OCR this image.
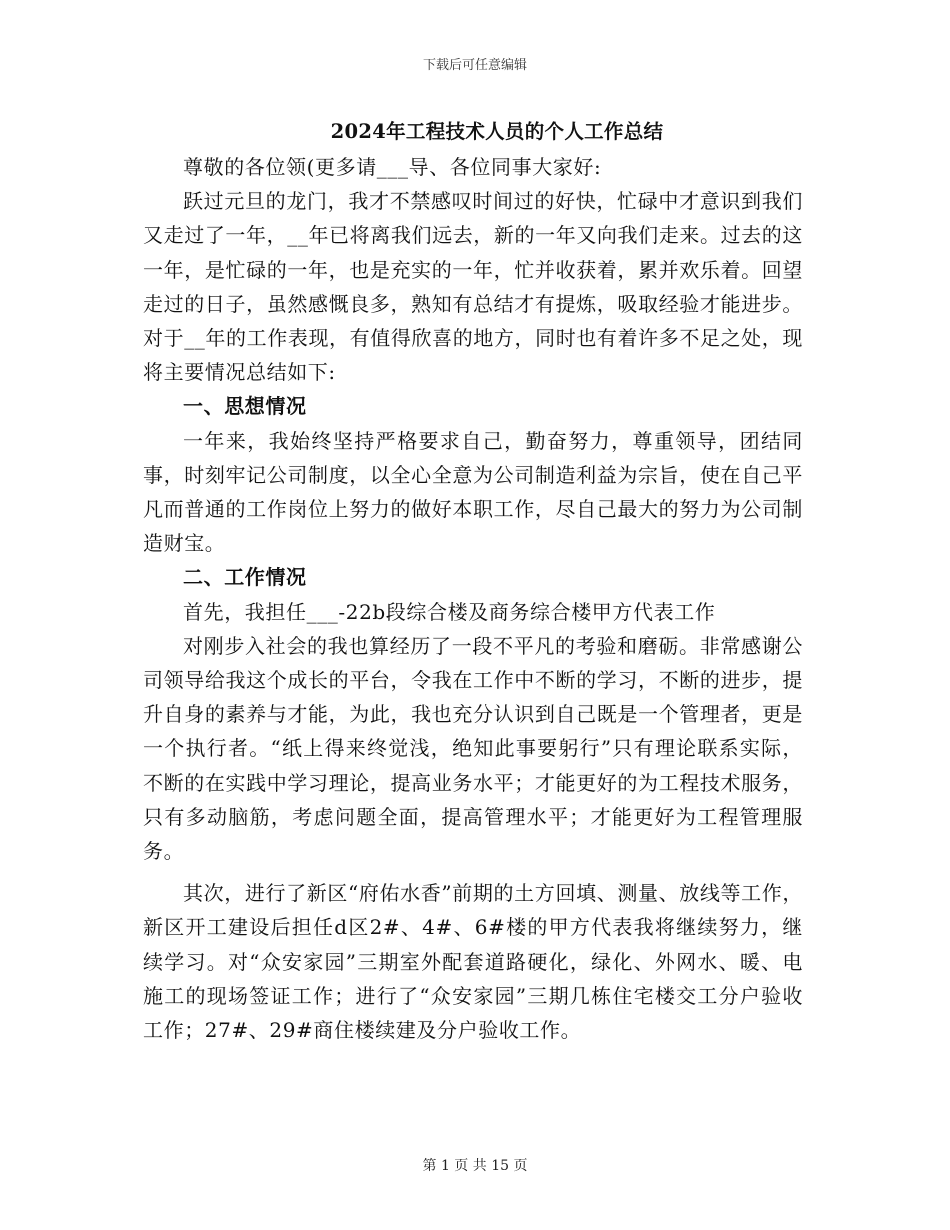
下载后可任意编辑
2024年工程技术人员的个人工作总结

尊敬的各位领(更多请___导、各位同事大家好:

跃过元旦的龙门，我才不禁感叹时间过的好快，忙碌中才意识到我们又走过了一年，__年已将离我们远去，新的一年又向我们走来。过去的这一年，是忙碌的一年，也是充实的一年，忙并收获着，累并欢乐着。回望走过的日子，虽然感慨良多，熟知有总结才有提炼，吸取经验才能进步。对于__年的工作表现，有值得欣喜的地方，同时也有着许多不足之处，现将主要情况总结如下:

一、思想情况

一年来，我始终坚持严格要求自己，勤奋努力，尊重领导，团结同事，时刻牢记公司制度，以全心全意为公司制造利益为宗旨，使在自己平凡而普通的工作岗位上努力的做好本职工作，尽自己最大的努力为公司制造财宝。

二、工作情况

首先，我担任___-22b段综合楼及商务综合楼甲方代表工作

对刚步入社会的我也算经历了一段不平凡的考验和磨砺。非常感谢公司领导给我这个成长的平台，令我在工作中不断的学习，不断的进步，提升自身的素养与才能，为此，我也充分认识到自己既是一个管理者，更是一个执行者。“纸上得来终觉浅，绝知此事要躬行”只有理论联系实际，不断的在实践中学习理论，提高业务水平；才能更好的为工程技术服务，只有多动脑筋，考虑问题全面，提高管理水平；才能更好为工程管理服务。

其次，进行了新区“府佑水香”前期的土方回填、测量、放线等工作，新区开工建设后担任d区2#、4#、6#楼的甲方代表我将继续努力，继续学习。对“众安家园”三期室外配套道路硬化，绿化、外网水、暖、电施工的现场签证工作；进行了“众安家园”三期几栋住宅楼交工分户验收工作；27#、29#商住楼续建及分户验收工作。

第 1 页 共 15 页
